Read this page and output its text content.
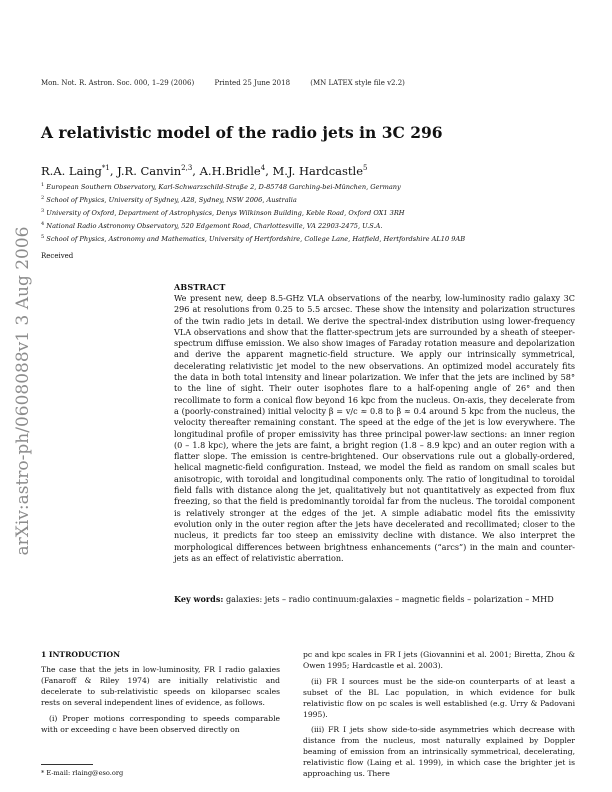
Mon. Not. R. Astron. Soc. 000, 1–29 (2006)	Printed 25 June 2018	(MN LATEX style file v2.2)
arXiv:astro-ph/0608088v1 3 Aug 2006
A relativistic model of the radio jets in 3C 296
R.A. Laing$^{*1}$, J.R. Canvin$^{2,3}$, A.H.Bridle$^4$, M.J. Hardcastle$^5$
$^1$ European Southern Observatory, Karl-Schwarzschild-Straße 2, D-85748 Garching-bei-München, Germany
$^2$ School of Physics, University of Sydney, A28, Sydney, NSW 2006, Australia
$^3$ University of Oxford, Department of Astrophysics, Denys Wilkinson Building, Keble Road, Oxford OX1 3RH
$^4$ National Radio Astronomy Observatory, 520 Edgemont Road, Charlottesville, VA 22903-2475, U.S.A.
$^5$ School of Physics, Astronomy and Mathematics, University of Hertfordshire, College Lane, Hatfield, Hertfordshire AL10 9AB
Received
ABSTRACT
We present new, deep 8.5-GHz VLA observations of the nearby, low-luminosity radio galaxy 3C 296 at resolutions from 0.25 to 5.5 arcsec. These show the intensity and polarization structures of the twin radio jets in detail. We derive the spectral-index distribution using lower-frequency VLA observations and show that the flatter-spectrum jets are surrounded by a sheath of steeper-spectrum diffuse emission. We also show images of Faraday rotation measure and depolarization and derive the apparent magnetic-field structure. We apply our intrinsically symmetrical, decelerating relativistic jet model to the new observations. An optimized model accurately fits the data in both total intensity and linear polarization. We infer that the jets are inclined by 58° to the line of sight. Their outer isophotes flare to a half-opening angle of 26° and then recollimate to form a conical flow beyond 16 kpc from the nucleus. On-axis, they decelerate from a (poorly-constrained) initial velocity β = v/c ≈ 0.8 to β ≈ 0.4 around 5 kpc from the nucleus, the velocity thereafter remaining constant. The speed at the edge of the jet is low everywhere. The longitudinal profile of proper emissivity has three principal power-law sections: an inner region (0 – 1.8 kpc), where the jets are faint, a bright region (1.8 – 8.9 kpc) and an outer region with a flatter slope. The emission is centre-brightened. Our observations rule out a globally-ordered, helical magnetic-field configuration. Instead, we model the field as random on small scales but anisotropic, with toroidal and longitudinal components only. The ratio of longitudinal to toroidal field falls with distance along the jet, qualitatively but not quantitatively as expected from flux freezing, so that the field is predominantly toroidal far from the nucleus. The toroidal component is relatively stronger at the edges of the jet. A simple adiabatic model fits the emissivity evolution only in the outer region after the jets have decelerated and recollimated; closer to the nucleus, it predicts far too steep an emissivity decline with distance. We also interpret the morphological differences between brightness enhancements (“arcs”) in the main and counter-jets as an effect of relativistic aberration.
Key words: galaxies: jets – radio continuum:galaxies – magnetic fields – polarization – MHD
1 INTRODUCTION

The case that the jets in low-luminosity, FR I radio galaxies (Fanaroff & Riley 1974) are initially relativistic and decelerate to sub-relativistic speeds on kiloparsec scales rests on several independent lines of evidence, as follows.

(i) Proper motions corresponding to speeds comparable with or exceeding c have been observed directly on

pc and kpc scales in FR I jets (Giovannini et al. 2001; Biretta, Zhou & Owen 1995; Hardcastle et al. 2003).

(ii) FR I sources must be the side-on counterparts of at least a subset of the BL Lac population, in which evidence for bulk relativistic flow on pc scales is well established (e.g. Urry & Padovani 1995).

(iii) FR I jets show side-to-side asymmetries which decrease with distance from the nucleus, most naturally explained by Doppler beaming of emission from an intrinsically symmetrical, decelerating, relativistic flow (Laing et al. 1999), in which case the brighter jet is approaching us. There

* E-mail: rlaing@eso.org
